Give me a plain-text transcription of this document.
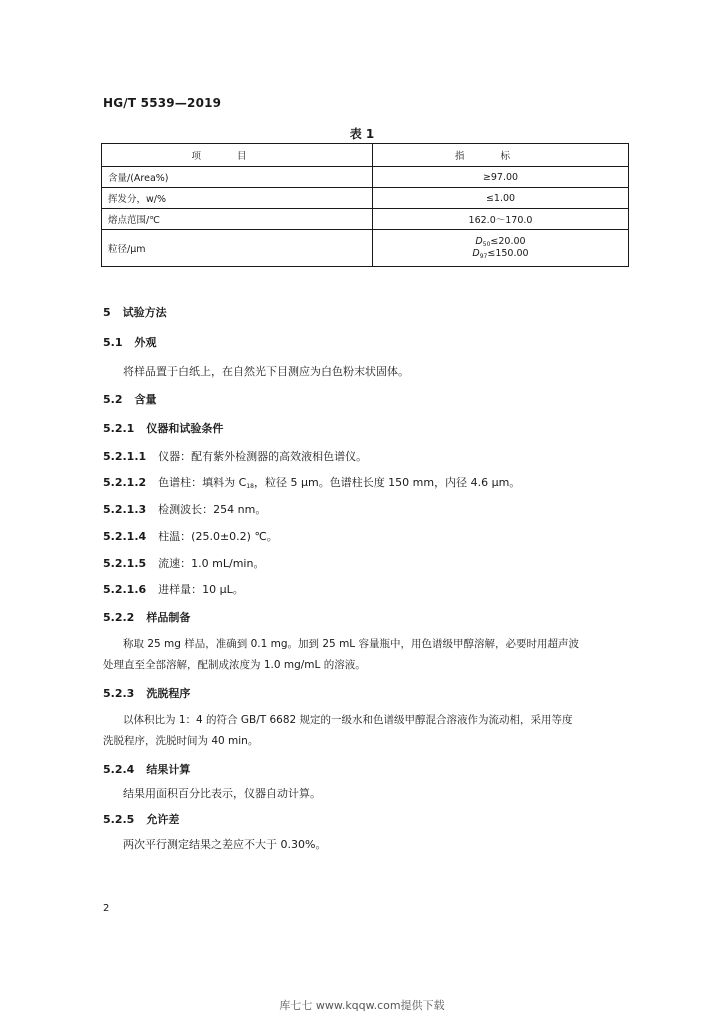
HG/T 5539—2019
表 1
项目	指标
含量/(Area%)	≥97.00
挥发分，w/%	≤1.00
熔点范围/℃	162.0～170.0
粒径/μm	$D_{50}\le 20.00$
$D_{97}\le 150.00$
5 试验方法
5.1 外观
将样品置于白纸上，在自然光下目测应为白色粉末状固体。
5.2 含量
5.2.1 仪器和试验条件
5.2.1.1 仪器：配有紫外检测器的高效液相色谱仪。
5.2.1.2 色谱柱：填料为 $C_{18}$，粒径 5 μm。色谱柱长度 150 mm，内径 4.6 μm。
5.2.1.3 检测波长：254 nm。
5.2.1.4 柱温：(25.0±0.2) ℃。
5.2.1.5 流速：1.0 mL/min。
5.2.1.6 进样量：10 μL。
5.2.2 样品制备
称取 25 mg 样品，准确到 0.1 mg。加到 25 mL 容量瓶中，用色谱级甲醇溶解，必要时用超声波
处理直至全部溶解，配制成浓度为 1.0 mg/mL 的溶液。
5.2.3 洗脱程序
以体积比为 1：4 的符合 GB/T 6682 规定的一级水和色谱级甲醇混合溶液作为流动相，采用等度
洗脱程序，洗脱时间为 40 min。
5.2.4 结果计算
结果用面积百分比表示，仪器自动计算。
5.2.5 允许差
两次平行测定结果之差应不大于 0.30%。
2
库七七 www.kqqw.com提供下载
